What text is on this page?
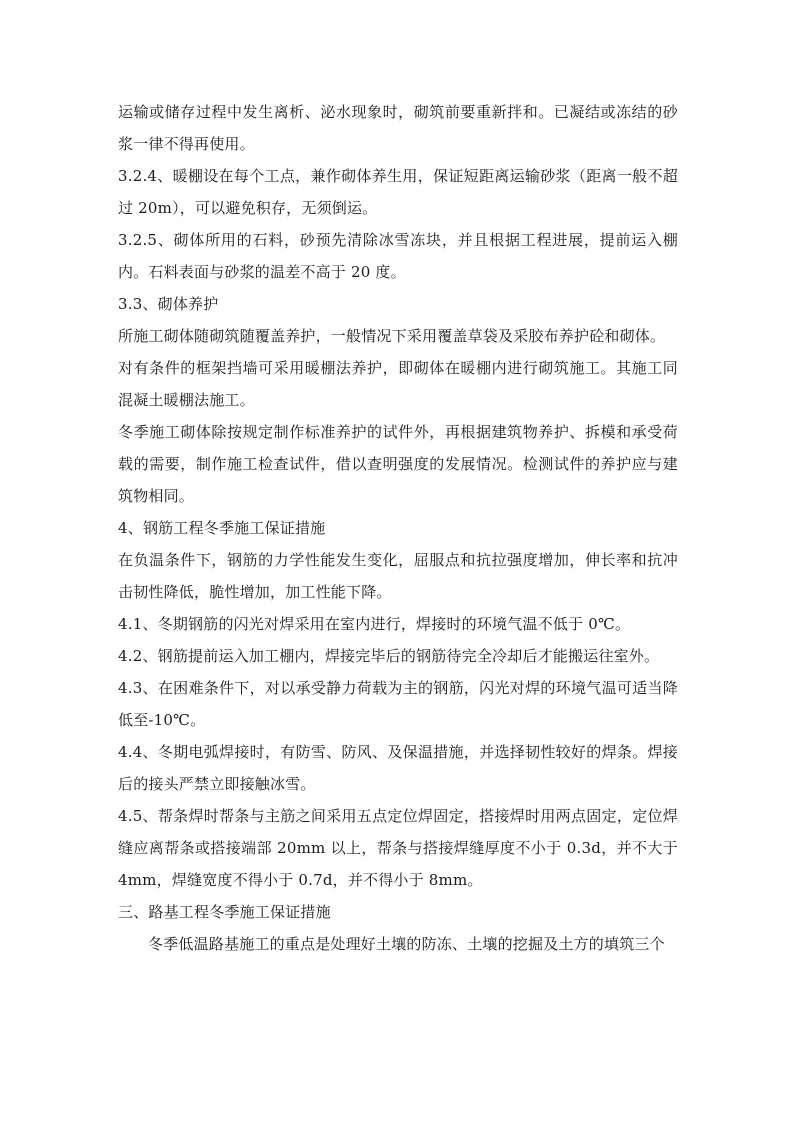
运输或储存过程中发生离析、泌水现象时，砌筑前要重新拌和。已凝结或冻结的砂浆一律不得再使用。

3.2.4、暖棚设在每个工点，兼作砌体养生用，保证短距离运输砂浆（距离一般不超过 20m），可以避免积存，无须倒运。

3.2.5、砌体所用的石料，砂预先清除冰雪冻块，并且根据工程进展，提前运入棚内。石料表面与砂浆的温差不高于 20 度。

3.3、砌体养护

所施工砌体随砌筑随覆盖养护，一般情况下采用覆盖草袋及采胶布养护砼和砌体。

对有条件的框架挡墙可采用暖棚法养护，即砌体在暖棚内进行砌筑施工。其施工同混凝土暖棚法施工。

冬季施工砌体除按规定制作标准养护的试件外，再根据建筑物养护、拆模和承受荷载的需要，制作施工检查试件，借以查明强度的发展情况。检测试件的养护应与建筑物相同。

4、钢筋工程冬季施工保证措施

在负温条件下，钢筋的力学性能发生变化，屈服点和抗拉强度增加，伸长率和抗冲击韧性降低，脆性增加，加工性能下降。

4.1、冬期钢筋的闪光对焊采用在室内进行，焊接时的环境气温不低于 0℃。

4.2、钢筋提前运入加工棚内，焊接完毕后的钢筋待完全冷却后才能搬运往室外。

4.3、在困难条件下，对以承受静力荷载为主的钢筋，闪光对焊的环境气温可适当降低至-10℃。

4.4、冬期电弧焊接时，有防雪、防风、及保温措施，并选择韧性较好的焊条。焊接后的接头严禁立即接触冰雪。

4.5、帮条焊时帮条与主筋之间采用五点定位焊固定，搭接焊时用两点固定，定位焊缝应离帮条或搭接端部 20mm 以上，帮条与搭接焊缝厚度不小于 0.3d，并不大于 4mm，焊缝宽度不得小于 0.7d，并不得小于 8mm。

三、路基工程冬季施工保证措施

冬季低温路基施工的重点是处理好土壤的防冻、土壤的挖掘及土方的填筑三个
